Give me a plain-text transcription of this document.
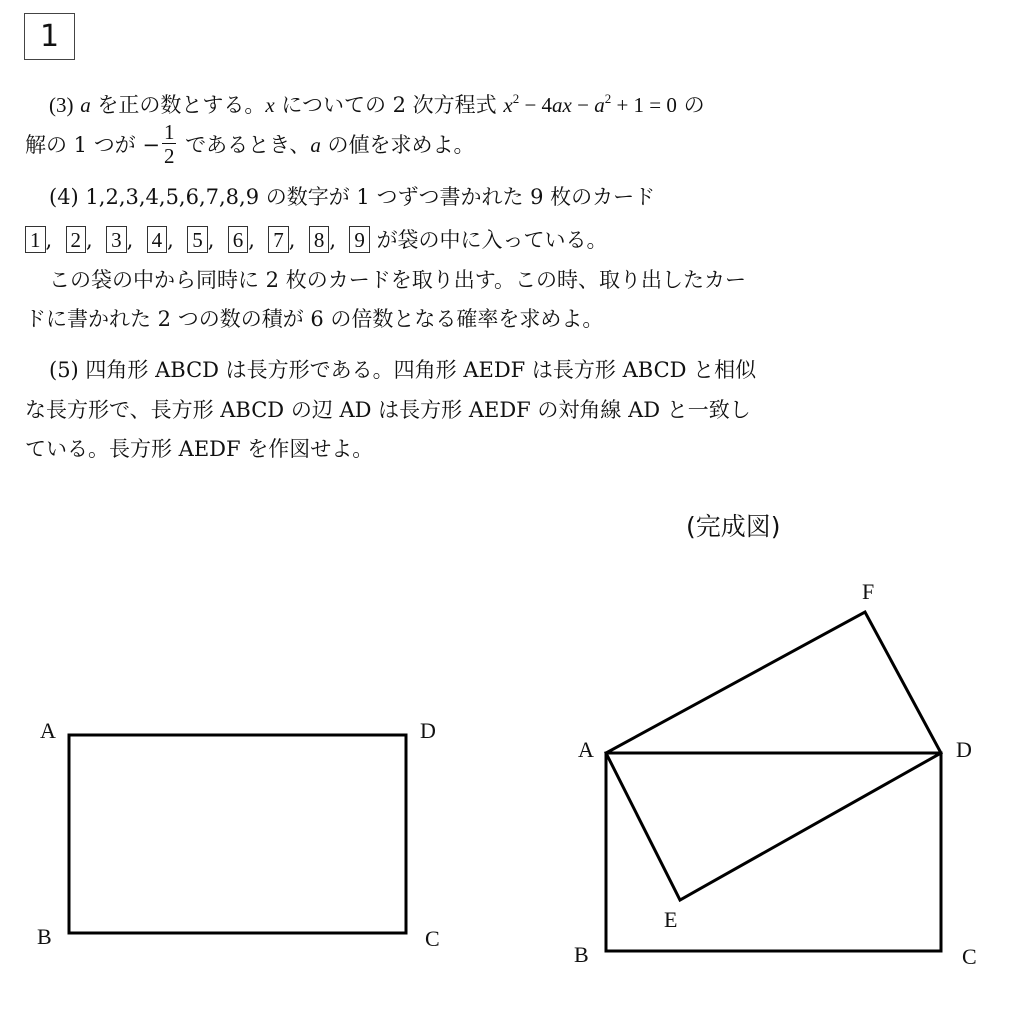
1
(3) a を正の数とする。x についての 2 次方程式 $x^2 - 4ax - a^2 + 1 = 0$ の
解の 1 つが − $\frac{1}{2}$ であるとき、a の値を求めよ。
(4) 1,2,3,4,5,6,7,8,9 の数字が 1 つずつ書かれた 9 枚のカード
1 , 2 , 3 , 4 , 5 , 6 , 7 , 8 , 9 が袋の中に入っている。
この袋の中から同時に 2 枚のカードを取り出す。この時、取り出したカー
ドに書かれた 2 つの数の積が 6 の倍数となる確率を求めよ。
(5) 四角形 ABCD は長方形である。四角形 AEDF は長方形 ABCD と相似
な長方形で、長方形 ABCD の辺 AD は長方形 AEDF の対角線 AD と一致し
ている。長方形 AEDF を作図せよ。
(完成図)
A	D
B	C
A	D
B	C
F
E
